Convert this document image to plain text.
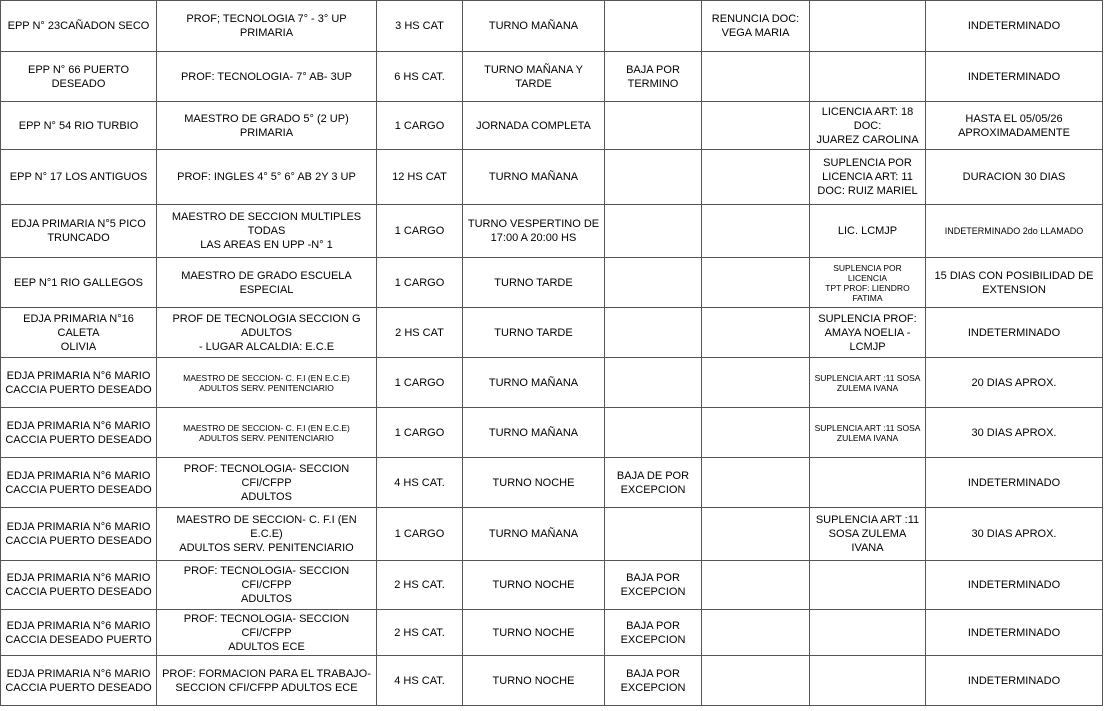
EPP N° 23CAÑADON SECO	PROF; TECNOLOGIA 7° - 3° UP PRIMARIA	3 HS CAT	TURNO MAÑANA		RENUNCIA DOC:
VEGA MARIA		INDETERMINADO
EPP N° 66 PUERTO DESEADO	PROF: TECNOLOGIA- 7° AB- 3UP	6 HS CAT.	TURNO MAÑANA Y TARDE	BAJA POR
TERMINO			INDETERMINADO
EPP N° 54 RIO TURBIO	MAESTRO DE GRADO 5° (2 UP) PRIMARIA	1 CARGO	JORNADA COMPLETA			LICENCIA ART: 18 DOC:
JUAREZ CAROLINA	HASTA EL 05/05/26
APROXIMADAMENTE

EPP N° 17 LOS ANTIGUOS	PROF: INGLES 4° 5° 6° AB 2Y 3 UP	12 HS CAT	TURNO MAÑANA			SUPLENCIA POR
LICENCIA ART: 11
DOC: RUIZ MARIEL	DURACION 30 DIAS

EDJA PRIMARIA N°5 PICO
TRUNCADO	MAESTRO DE SECCION MULTIPLES TODAS
LAS AREAS EN UPP -N° 1	1 CARGO	TURNO VESPERTINO DE
17:00 A 20:00 HS			LIC. LCMJP	INDETERMINADO 2do LLAMADO
EEP N°1 RIO GALLEGOS	MAESTRO DE GRADO ESCUELA ESPECIAL	1 CARGO	TURNO TARDE			SUPLENCIA POR LICENCIA
TPT PROF: LIENDRO
FATIMA	15 DIAS CON POSIBILIDAD DE
EXTENSION

EDJA PRIMARIA N°16 CALETA
OLIVIA	PROF DE TECNOLOGIA SECCION G ADULTOS
- LUGAR ALCALDIA: E.C.E	2 HS CAT	TURNO TARDE			SUPLENCIA PROF:
AMAYA NOELIA -
LCMJP	INDETERMINADO

EDJA PRIMARIA N°6 MARIO
CACCIA PUERTO DESEADO	MAESTRO DE SECCION- C. F.I (EN E.C.E)
ADULTOS SERV. PENITENCIARIO	1 CARGO	TURNO MAÑANA			SUPLENCIA ART :11 SOSA
ZULEMA IVANA	20 DIAS APROX.

EDJA PRIMARIA N°6 MARIO
CACCIA PUERTO DESEADO	MAESTRO DE SECCION- C. F.I (EN E.C.E)
ADULTOS SERV. PENITENCIARIO	1 CARGO	TURNO MAÑANA			SUPLENCIA ART :11 SOSA
ZULEMA IVANA	30 DIAS APROX.

EDJA PRIMARIA N°6 MARIO
CACCIA PUERTO DESEADO	PROF: TECNOLOGIA- SECCION CFI/CFPP
ADULTOS	4 HS CAT.	TURNO NOCHE	BAJA DE POR
EXCEPCION			INDETERMINADO

EDJA PRIMARIA N°6 MARIO
CACCIA PUERTO DESEADO	MAESTRO DE SECCION- C. F.I (EN E.C.E)
ADULTOS SERV. PENITENCIARIO	1 CARGO	TURNO MAÑANA			SUPLENCIA ART :11
SOSA ZULEMA IVANA	30 DIAS APROX.

EDJA PRIMARIA N°6 MARIO
CACCIA PUERTO DESEADO	PROF: TECNOLOGIA- SECCION CFI/CFPP
ADULTOS	2 HS CAT.	TURNO NOCHE	BAJA POR
EXCEPCION			INDETERMINADO

EDJA PRIMARIA N°6 MARIO
CACCIA DESEADO PUERTO	PROF: TECNOLOGIA- SECCION CFI/CFPP
ADULTOS ECE	2 HS CAT.	TURNO NOCHE	BAJA POR
EXCEPCION			INDETERMINADO

EDJA PRIMARIA N°6 MARIO
CACCIA PUERTO DESEADO	PROF: FORMACION PARA EL TRABAJO-
SECCION CFI/CFPP ADULTOS ECE	4 HS CAT.	TURNO NOCHE	BAJA POR
EXCEPCION			INDETERMINADO
